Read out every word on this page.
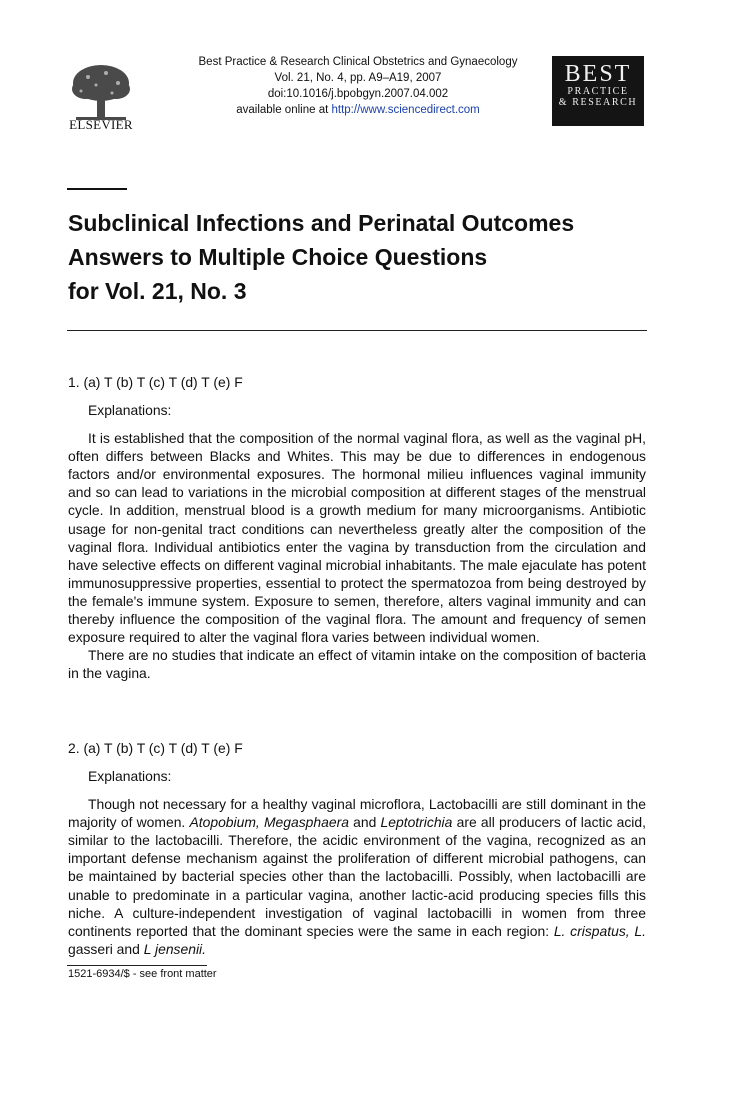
ELSEVIER
Best Practice & Research Clinical Obstetrics and Gynaecology
Vol. 21, No. 4, pp. A9–A19, 2007
doi:10.1016/j.bpobgyn.2007.04.002
available online at http://www.sciencedirect.com
BEST
PRACTICE
& RESEARCH
Subclinical Infections and Perinatal Outcomes
Answers to Multiple Choice Questions
for Vol. 21, No. 3

1. (a) T (b) T (c) T (d) T (e) F

Explanations:

It is established that the composition of the normal vaginal flora, as well as the vaginal pH, often differs between Blacks and Whites. This may be due to differences in endogenous factors and/or environmental exposures. The hormonal milieu influences vaginal immunity and so can lead to variations in the microbial composition at different stages of the menstrual cycle. In addition, menstrual blood is a growth medium for many microorganisms. Antibiotic usage for non-genital tract conditions can nevertheless greatly alter the composition of the vaginal flora. Individual antibiotics enter the vagina by transduction from the circulation and have selective effects on different vaginal microbial inhabitants. The male ejaculate has potent immunosuppressive properties, essential to protect the spermatozoa from being destroyed by the female's immune system. Exposure to semen, therefore, alters vaginal immunity and can thereby influence the composition of the vaginal flora. The amount and frequency of semen exposure required to alter the vaginal flora varies between individual women.

There are no studies that indicate an effect of vitamin intake on the composition of bacteria in the vagina.

2. (a) T (b) T (c) T (d) T (e) F

Explanations:

Though not necessary for a healthy vaginal microflora, Lactobacilli are still dominant in the majority of women. Atopobium, Megasphaera and Leptotrichia are all producers of lactic acid, similar to the lactobacilli. Therefore, the acidic environment of the vagina, recognized as an important defense mechanism against the proliferation of different microbial pathogens, can be maintained by bacterial species other than the lactobacilli. Possibly, when lactobacilli are unable to predominate in a particular vagina, another lactic-acid producing species fills this niche. A culture-independent investigation of vaginal lactobacilli in women from three continents reported that the dominant species were the same in each region: L. crispatus, L. gasseri and L jensenii.

1521-6934/$ - see front matter
